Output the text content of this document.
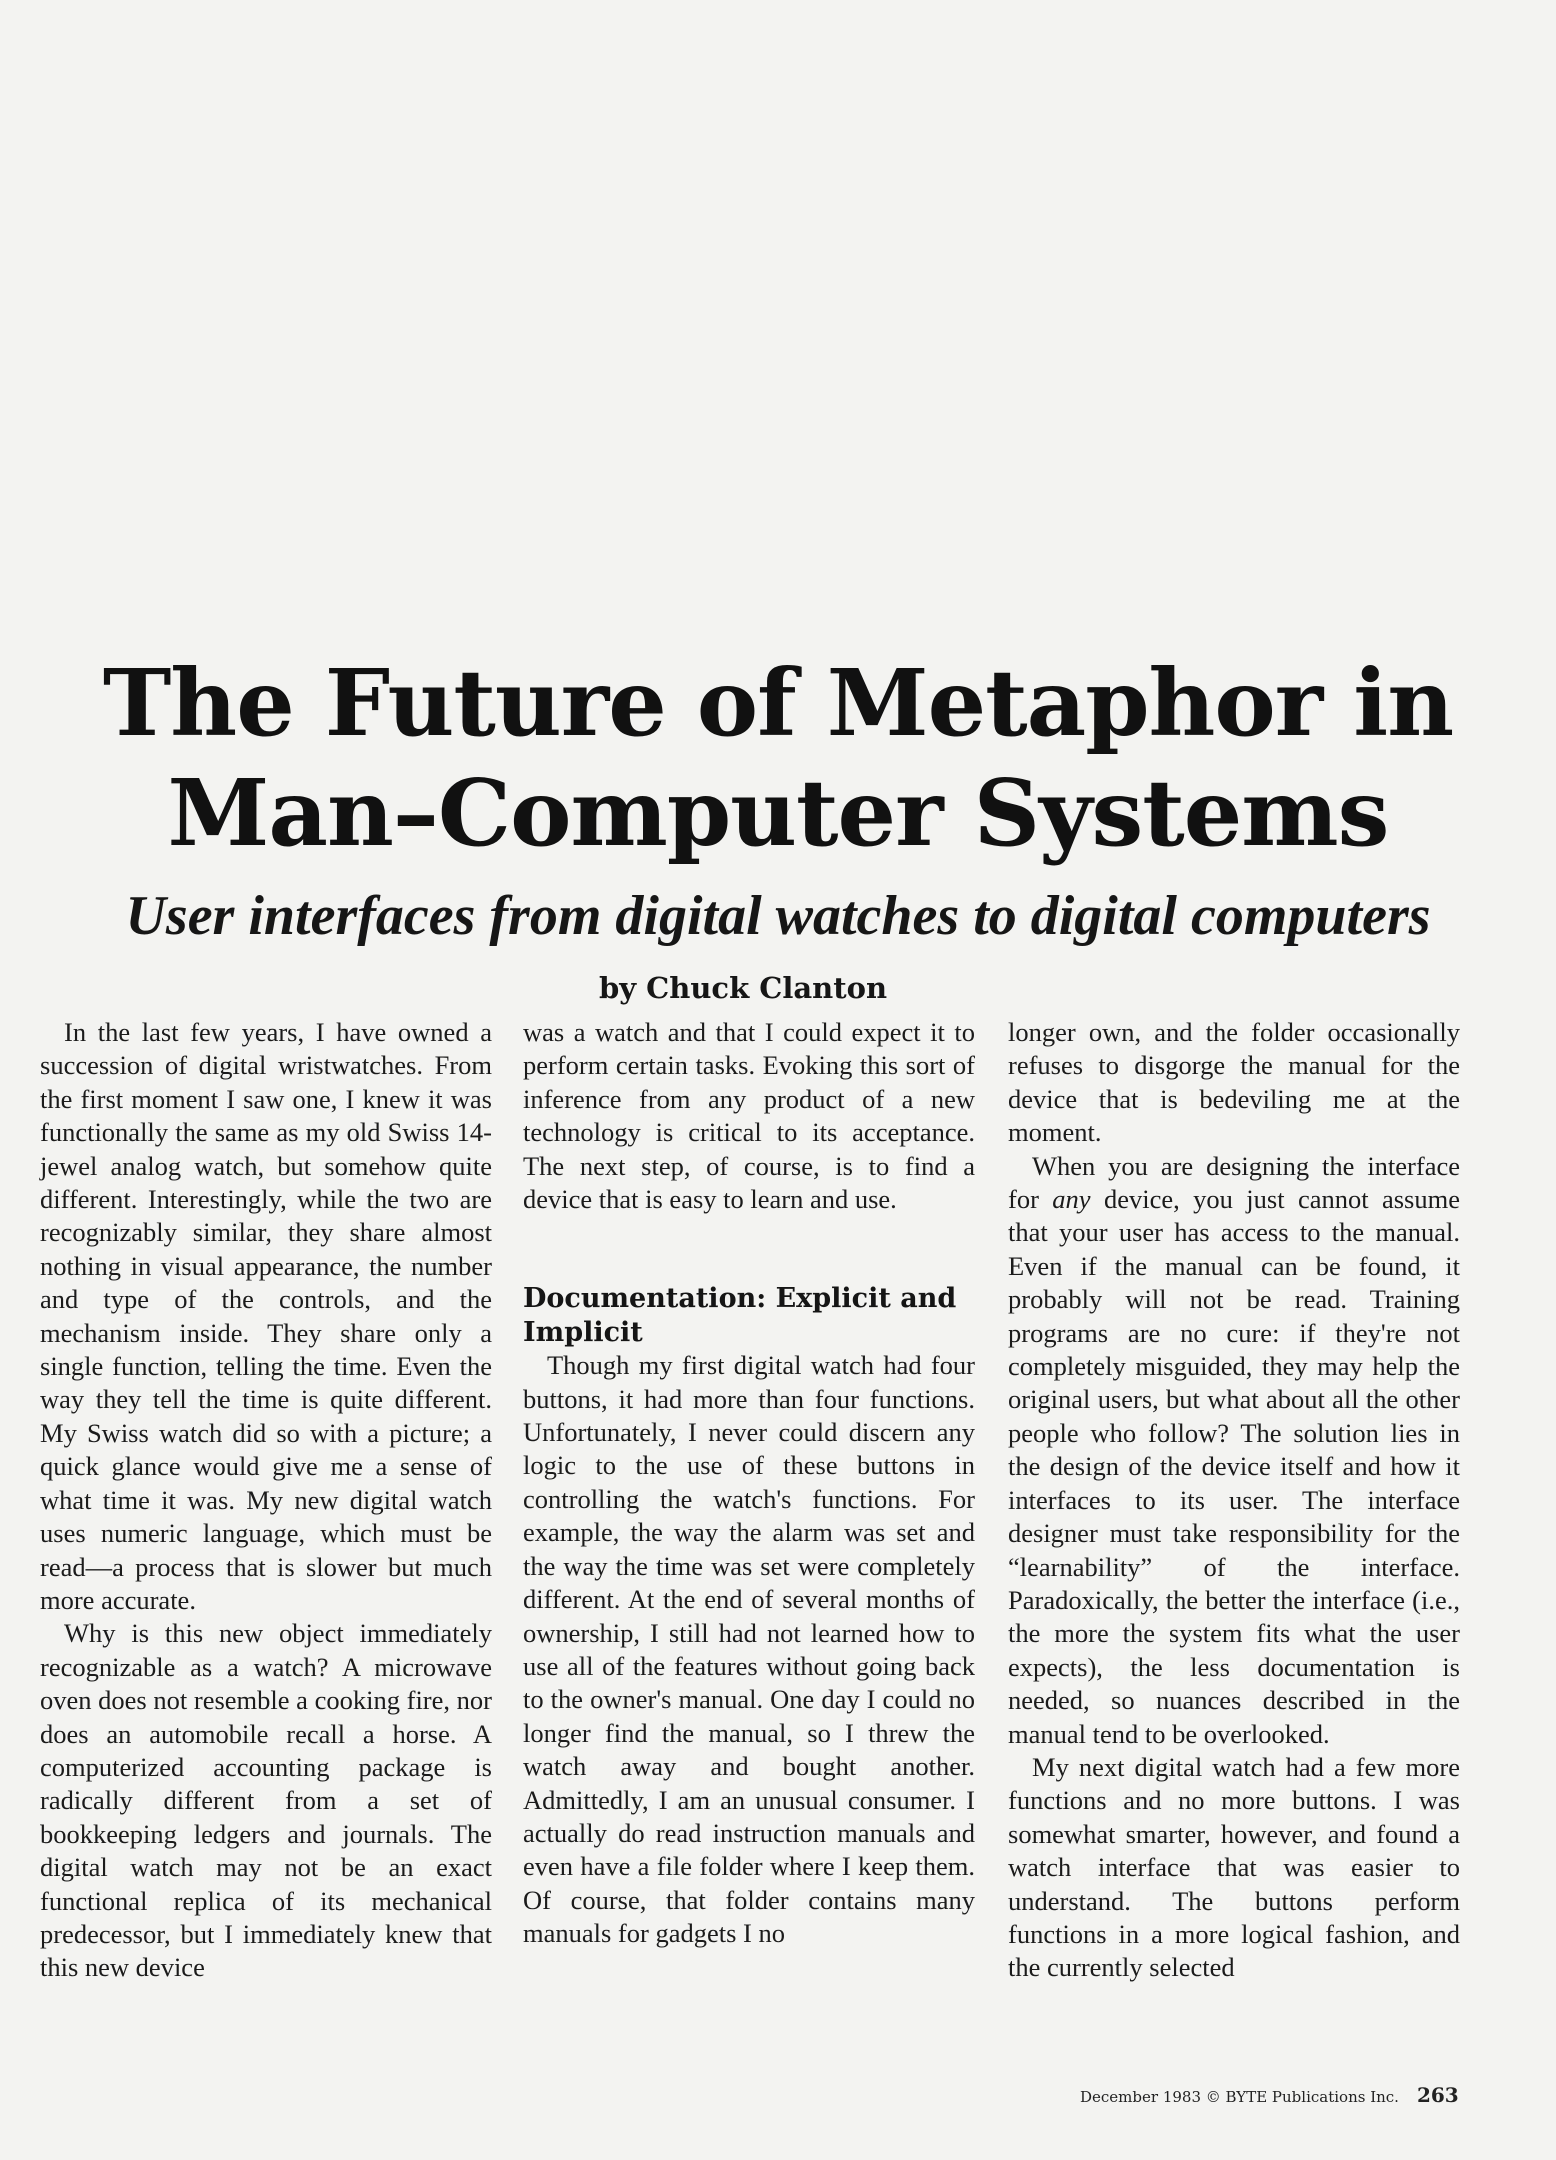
The Future of Metaphor in
Man–Computer Systems
User interfaces from digital watches to digital computers
by Chuck Clanton

In the last few years, I have owned a succession of digital wristwatches. From the first moment I saw one, I knew it was functionally the same as my old Swiss 14-jewel analog watch, but somehow quite different. Interestingly, while the two are recognizably similar, they share almost nothing in visual appearance, the number and type of the controls, and the mechanism inside. They share only a single function, telling the time. Even the way they tell the time is quite different. My Swiss watch did so with a picture; a quick glance would give me a sense of what time it was. My new digital watch uses numeric language, which must be read—a process that is slower but much more accurate.

Why is this new object immediately recognizable as a watch? A microwave oven does not resemble a cooking fire, nor does an automobile recall a horse. A computerized accounting package is radically different from a set of bookkeeping ledgers and journals. The digital watch may not be an exact functional replica of its mechanical predecessor, but I immediately knew that this new device

was a watch and that I could expect it to perform certain tasks. Evoking this sort of inference from any product of a new technology is critical to its acceptance. The next step, of course, is to find a device that is easy to learn and use.

Documentation: Explicit and Implicit

Though my first digital watch had four buttons, it had more than four functions. Unfortunately, I never could discern any logic to the use of these buttons in controlling the watch's functions. For example, the way the alarm was set and the way the time was set were completely different. At the end of several months of ownership, I still had not learned how to use all of the features without going back to the owner's manual. One day I could no longer find the manual, so I threw the watch away and bought another. Admittedly, I am an unusual consumer. I actually do read instruction manuals and even have a file folder where I keep them. Of course, that folder contains many manuals for gadgets I no

longer own, and the folder occasionally refuses to disgorge the manual for the device that is bedeviling me at the moment.

When you are designing the interface for any device, you just cannot assume that your user has access to the manual. Even if the manual can be found, it probably will not be read. Training programs are no cure: if they're not completely misguided, they may help the original users, but what about all the other people who follow? The solution lies in the design of the device itself and how it interfaces to its user. The interface designer must take responsibility for the “learnability” of the interface. Paradoxically, the better the interface (i.e., the more the system fits what the user expects), the less documentation is needed, so nuances described in the manual tend to be overlooked.

My next digital watch had a few more functions and no more buttons. I was somewhat smarter, however, and found a watch interface that was easier to understand. The buttons perform functions in a more logical fashion, and the currently selected

December 1983 © BYTE Publications Inc. 263
